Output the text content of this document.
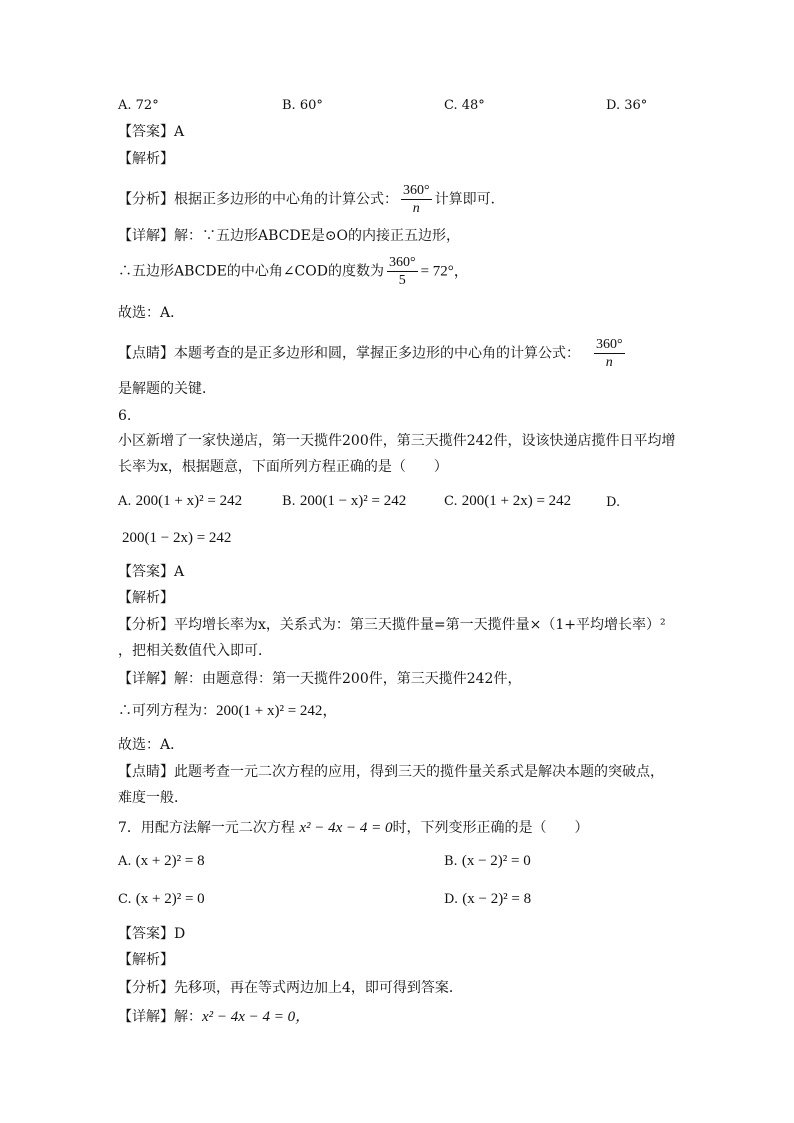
A. 72°	B. 60°	C. 48°	D. 36°
【答案】A
【解析】
【分析】根据正多边形的中心角的计算公式： $\frac{360^\circ}{n}$ 计算即可．
【详解】解：∵五边形ABCDE是⊙O的内接正五边形，
∴五边形ABCDE的中心角∠COD的度数为 $\frac{360^\circ}{5} = 72^\circ$，
故选：A．
【点睛】本题考查的是正多边形和圆，掌握正多边形的中心角的计算公式： $\frac{360^\circ}{n}$
是解题的关键．
6.
小区新增了一家快递店，第一天揽件200件，第三天揽件242件，设该快递店揽件日平均增
长率为x，根据题意，下面所列方程正确的是（　　）
A. 200(1 + x)² = 242	B. 200(1 − x)² = 242	C. 200(1 + 2x) = 242	D.
200(1 − 2x) = 242
【答案】A
【解析】
【分析】平均增长率为x，关系式为：第三天揽件量=第一天揽件量×（1+平均增长率）²
，把相关数值代入即可．
【详解】解：由题意得：第一天揽件200件，第三天揽件242件，
∴可列方程为：200(1 + x)² = 242，
故选：A．
【点睛】此题考查一元二次方程的应用，得到三天的揽件量关系式是解决本题的突破点，
难度一般．
7．用配方法解一元二次方程 x² − 4x − 4 = 0时，下列变形正确的是（　　）
A. (x + 2)² = 8	B. (x − 2)² = 0
C. (x + 2)² = 0	D. (x − 2)² = 8
【答案】D
【解析】
【分析】先移项，再在等式两边加上4，即可得到答案．
【详解】解：x² − 4x − 4 = 0，
